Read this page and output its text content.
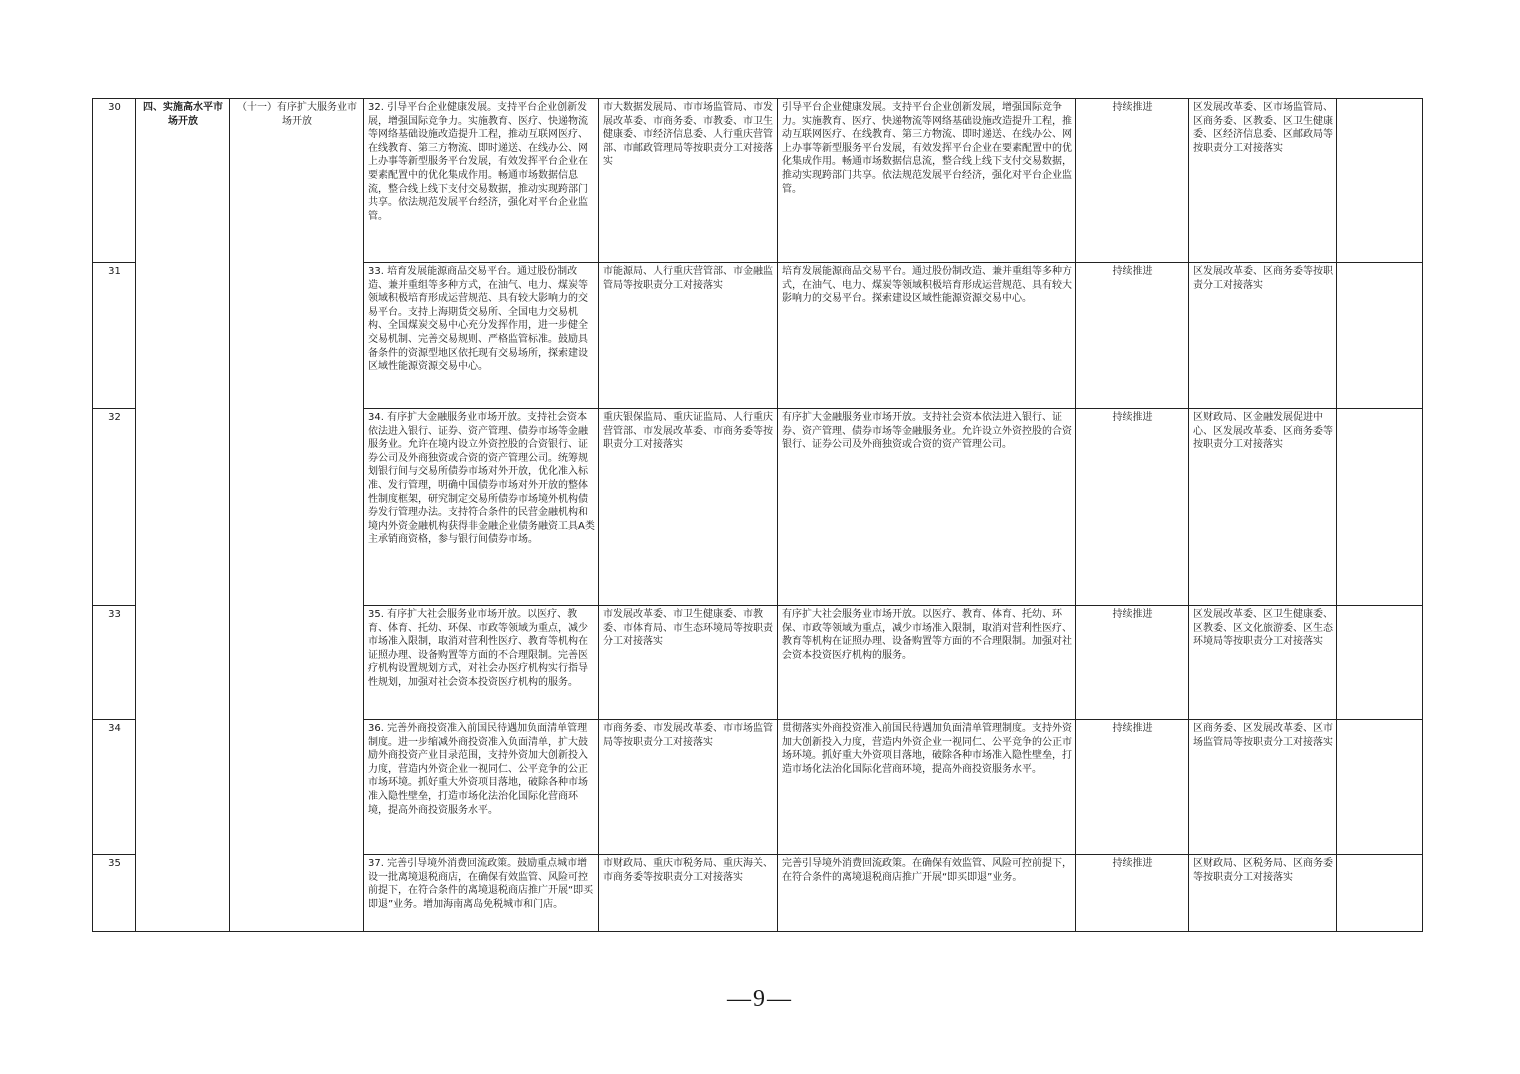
30	四、实施高水平市场开放	（十一）有序扩大服务业市场开放	32. 引导平台企业健康发展。支持平台企业创新发展，增强国际竞争力。实施教育、医疗、快递物流等网络基础设施改造提升工程，推动互联网医疗、在线教育、第三方物流、即时递送、在线办公、网上办事等新型服务平台发展，有效发挥平台企业在要素配置中的优化集成作用。畅通市场数据信息流，整合线上线下支付交易数据，推动实现跨部门共享。依法规范发展平台经济，强化对平台企业监管。	市大数据发展局、市市场监管局、市发展改革委、市商务委、市教委、市卫生健康委、市经济信息委、人行重庆营管部、市邮政管理局等按职责分工对接落实	引导平台企业健康发展。支持平台企业创新发展，增强国际竞争力。实施教育、医疗、快递物流等网络基础设施改造提升工程，推动互联网医疗、在线教育、第三方物流、即时递送、在线办公、网上办事等新型服务平台发展，有效发挥平台企业在要素配置中的优化集成作用。畅通市场数据信息流，整合线上线下支付交易数据，推动实现跨部门共享。依法规范发展平台经济，强化对平台企业监管。	持续推进	区发展改革委、区市场监管局、区商务委、区教委、区卫生健康委、区经济信息委、区邮政局等按职责分工对接落实	
31			33. 培育发展能源商品交易平台。通过股份制改造、兼并重组等多种方式，在油气、电力、煤炭等领域积极培育形成运营规范、具有较大影响力的交易平台。支持上海期货交易所、全国电力交易机构、全国煤炭交易中心充分发挥作用，进一步健全交易机制、完善交易规则、严格监管标准。鼓励具备条件的资源型地区依托现有交易场所，探索建设区域性能源资源交易中心。	市能源局、人行重庆营管部、市金融监管局等按职责分工对接落实	培育发展能源商品交易平台。通过股份制改造、兼并重组等多种方式，在油气、电力、煤炭等领域积极培育形成运营规范、具有较大影响力的交易平台。探索建设区域性能源资源交易中心。	持续推进	区发展改革委、区商务委等按职责分工对接落实	
32			34. 有序扩大金融服务业市场开放。支持社会资本依法进入银行、证券、资产管理、债券市场等金融服务业。允许在境内设立外资控股的合资银行、证券公司及外商独资或合资的资产管理公司。统筹规划银行间与交易所债券市场对外开放，优化准入标准、发行管理，明确中国债券市场对外开放的整体性制度框架，研究制定交易所债券市场境外机构债券发行管理办法。支持符合条件的民营金融机构和境内外资金融机构获得非金融企业债务融资工具A类主承销商资格，参与银行间债券市场。	重庆银保监局、重庆证监局、人行重庆营管部、市发展改革委、市商务委等按职责分工对接落实	有序扩大金融服务业市场开放。支持社会资本依法进入银行、证券、资产管理、债券市场等金融服务业。允许设立外资控股的合资银行、证券公司及外商独资或合资的资产管理公司。	持续推进	区财政局、区金融发展促进中心、区发展改革委、区商务委等按职责分工对接落实	
33			35. 有序扩大社会服务业市场开放。以医疗、教育、体育、托幼、环保、市政等领域为重点，减少市场准入限制，取消对营利性医疗、教育等机构在证照办理、设备购置等方面的不合理限制。完善医疗机构设置规划方式，对社会办医疗机构实行指导性规划，加强对社会资本投资医疗机构的服务。	市发展改革委、市卫生健康委、市教委、市体育局、市生态环境局等按职责分工对接落实	有序扩大社会服务业市场开放。以医疗、教育、体育、托幼、环保、市政等领域为重点，减少市场准入限制，取消对营利性医疗、教育等机构在证照办理、设备购置等方面的不合理限制。加强对社会资本投资医疗机构的服务。	持续推进	区发展改革委、区卫生健康委、区教委、区文化旅游委、区生态环境局等按职责分工对接落实	
34			36. 完善外商投资准入前国民待遇加负面清单管理制度。进一步缩减外商投资准入负面清单，扩大鼓励外商投资产业目录范围，支持外资加大创新投入力度，营造内外资企业一视同仁、公平竞争的公正市场环境。抓好重大外资项目落地，破除各种市场准入隐性壁垒，打造市场化法治化国际化营商环境，提高外商投资服务水平。	市商务委、市发展改革委、市市场监管局等按职责分工对接落实	贯彻落实外商投资准入前国民待遇加负面清单管理制度。支持外资加大创新投入力度，营造内外资企业一视同仁、公平竞争的公正市场环境。抓好重大外资项目落地，破除各种市场准入隐性壁垒，打造市场化法治化国际化营商环境，提高外商投资服务水平。	持续推进	区商务委、区发展改革委、区市场监管局等按职责分工对接落实	
35			37. 完善引导境外消费回流政策。鼓励重点城市增设一批离境退税商店，在确保有效监管、风险可控前提下，在符合条件的离境退税商店推广开展“即买即退”业务。增加海南离岛免税城市和门店。	市财政局、重庆市税务局、重庆海关、市商务委等按职责分工对接落实	完善引导境外消费回流政策。在确保有效监管、风险可控前提下，在符合条件的离境退税商店推广开展“即买即退”业务。	持续推进	区财政局、区税务局、区商务委等按职责分工对接落实	
—9—
